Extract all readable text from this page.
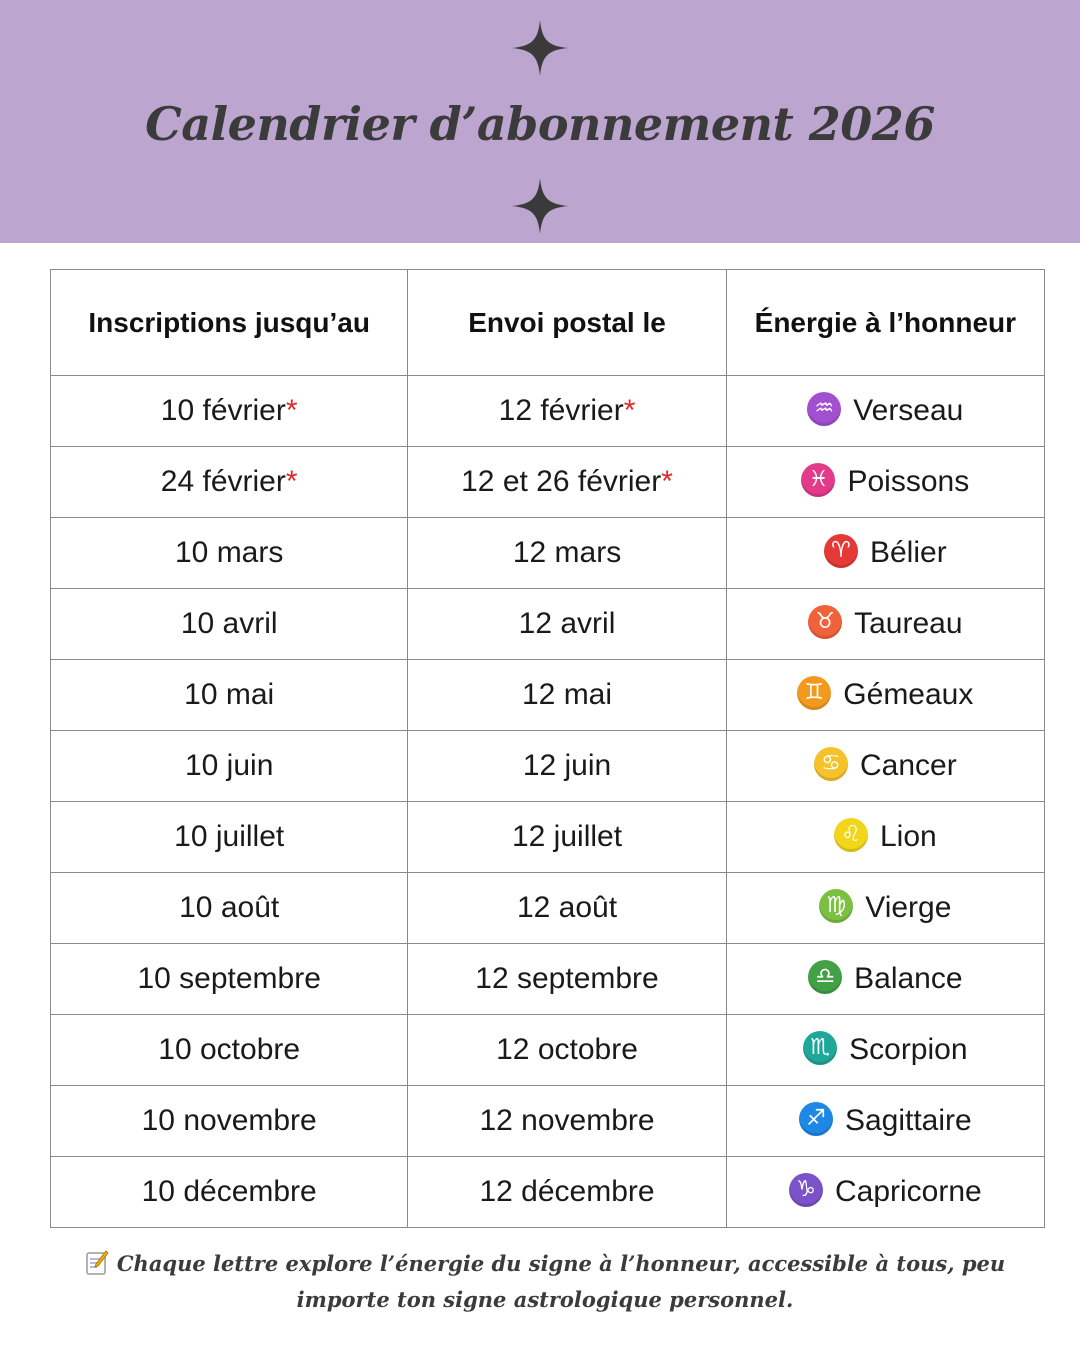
Calendrier d’abonnement 2026
Inscriptions jusqu’au	Envoi postal le	Énergie à l’honneur
10 février*	12 février*	♒ Verseau
24 février*	12 et 26 février*	♓ Poissons
10 mars	12 mars	♈ Bélier
10 avril	12 avril	♉ Taureau
10 mai	12 mai	♊ Gémeaux
10 juin	12 juin	♋ Cancer
10 juillet	12 juillet	♌ Lion
10 août	12 août	♍ Vierge
10 septembre	12 septembre	♎ Balance
10 octobre	12 octobre	♏ Scorpion
10 novembre	12 novembre	♐ Sagittaire
10 décembre	12 décembre	♑ Capricorne
Chaque lettre explore l’énergie du signe à l’honneur, accessible à tous, peu importe ton signe astrologique personnel.
